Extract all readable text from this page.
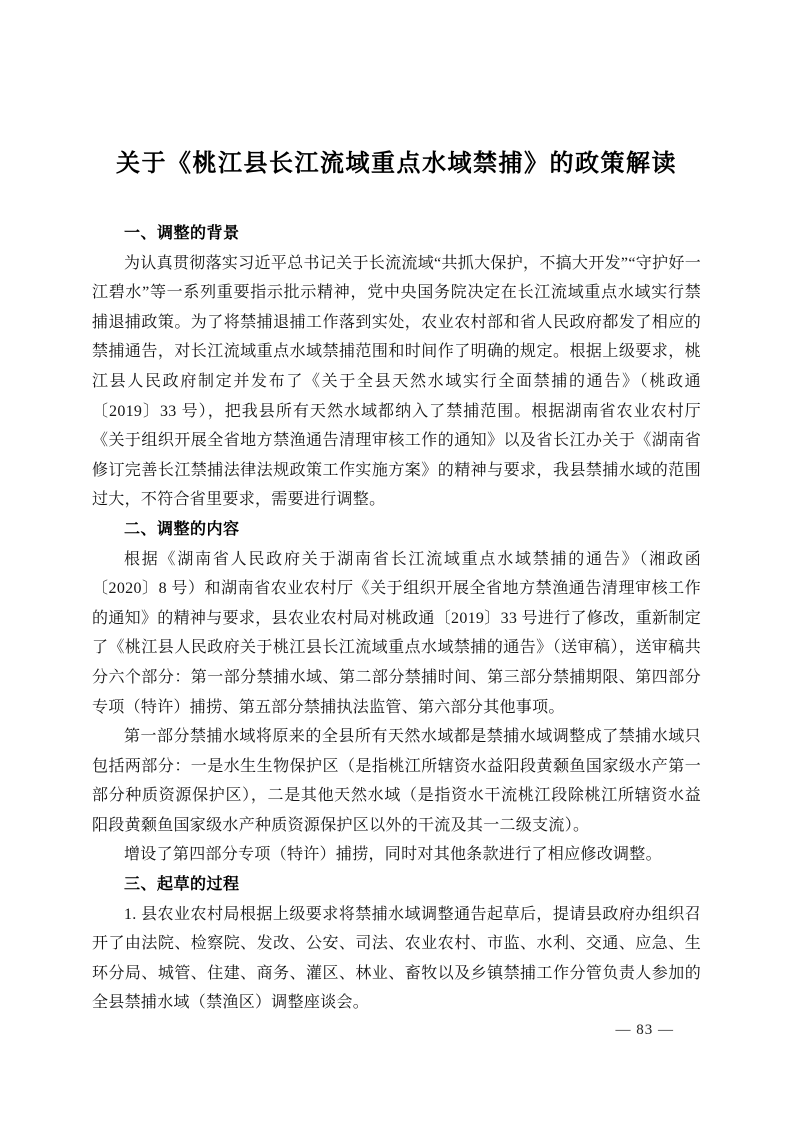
关于《桃江县长江流域重点水域禁捕》的政策解读
一、调整的背景

为认真贯彻落实习近平总书记关于长流流域“共抓大保护，不搞大开发”“守护好一江碧水”等一系列重要指示批示精神，党中央国务院决定在长江流域重点水域实行禁捕退捕政策。为了将禁捕退捕工作落到实处，农业农村部和省人民政府都发了相应的禁捕通告，对长江流域重点水域禁捕范围和时间作了明确的规定。根据上级要求，桃江县人民政府制定并发布了《关于全县天然水域实行全面禁捕的通告》（桃政通〔2019〕33 号），把我县所有天然水域都纳入了禁捕范围。根据湖南省农业农村厅《关于组织开展全省地方禁渔通告清理审核工作的通知》以及省长江办关于《湖南省修订完善长江禁捕法律法规政策工作实施方案》的精神与要求，我县禁捕水域的范围过大，不符合省里要求，需要进行调整。

二、调整的内容

根据《湖南省人民政府关于湖南省长江流域重点水域禁捕的通告》（湘政函〔2020〕8 号）和湖南省农业农村厅《关于组织开展全省地方禁渔通告清理审核工作的通知》的精神与要求，县农业农村局对桃政通〔2019〕33 号进行了修改，重新制定了《桃江县人民政府关于桃江县长江流域重点水域禁捕的通告》（送审稿），送审稿共分六个部分：第一部分禁捕水域、第二部分禁捕时间、第三部分禁捕期限、第四部分专项（特许）捕捞、第五部分禁捕执法监管、第六部分其他事项。

第一部分禁捕水域将原来的全县所有天然水域都是禁捕水域调整成了禁捕水域只包括两部分：一是水生生物保护区（是指桃江所辖资水益阳段黄颡鱼国家级水产第一部分种质资源保护区），二是其他天然水域（是指资水干流桃江段除桃江所辖资水益阳段黄颡鱼国家级水产种质资源保护区以外的干流及其一二级支流）。

增设了第四部分专项（特许）捕捞，同时对其他条款进行了相应修改调整。

三、起草的过程

1. 县农业农村局根据上级要求将禁捕水域调整通告起草后，提请县政府办组织召开了由法院、检察院、发改、公安、司法、农业农村、市监、水利、交通、应急、生环分局、城管、住建、商务、灌区、林业、畜牧以及乡镇禁捕工作分管负责人参加的全县禁捕水域（禁渔区）调整座谈会。

— 83 —
